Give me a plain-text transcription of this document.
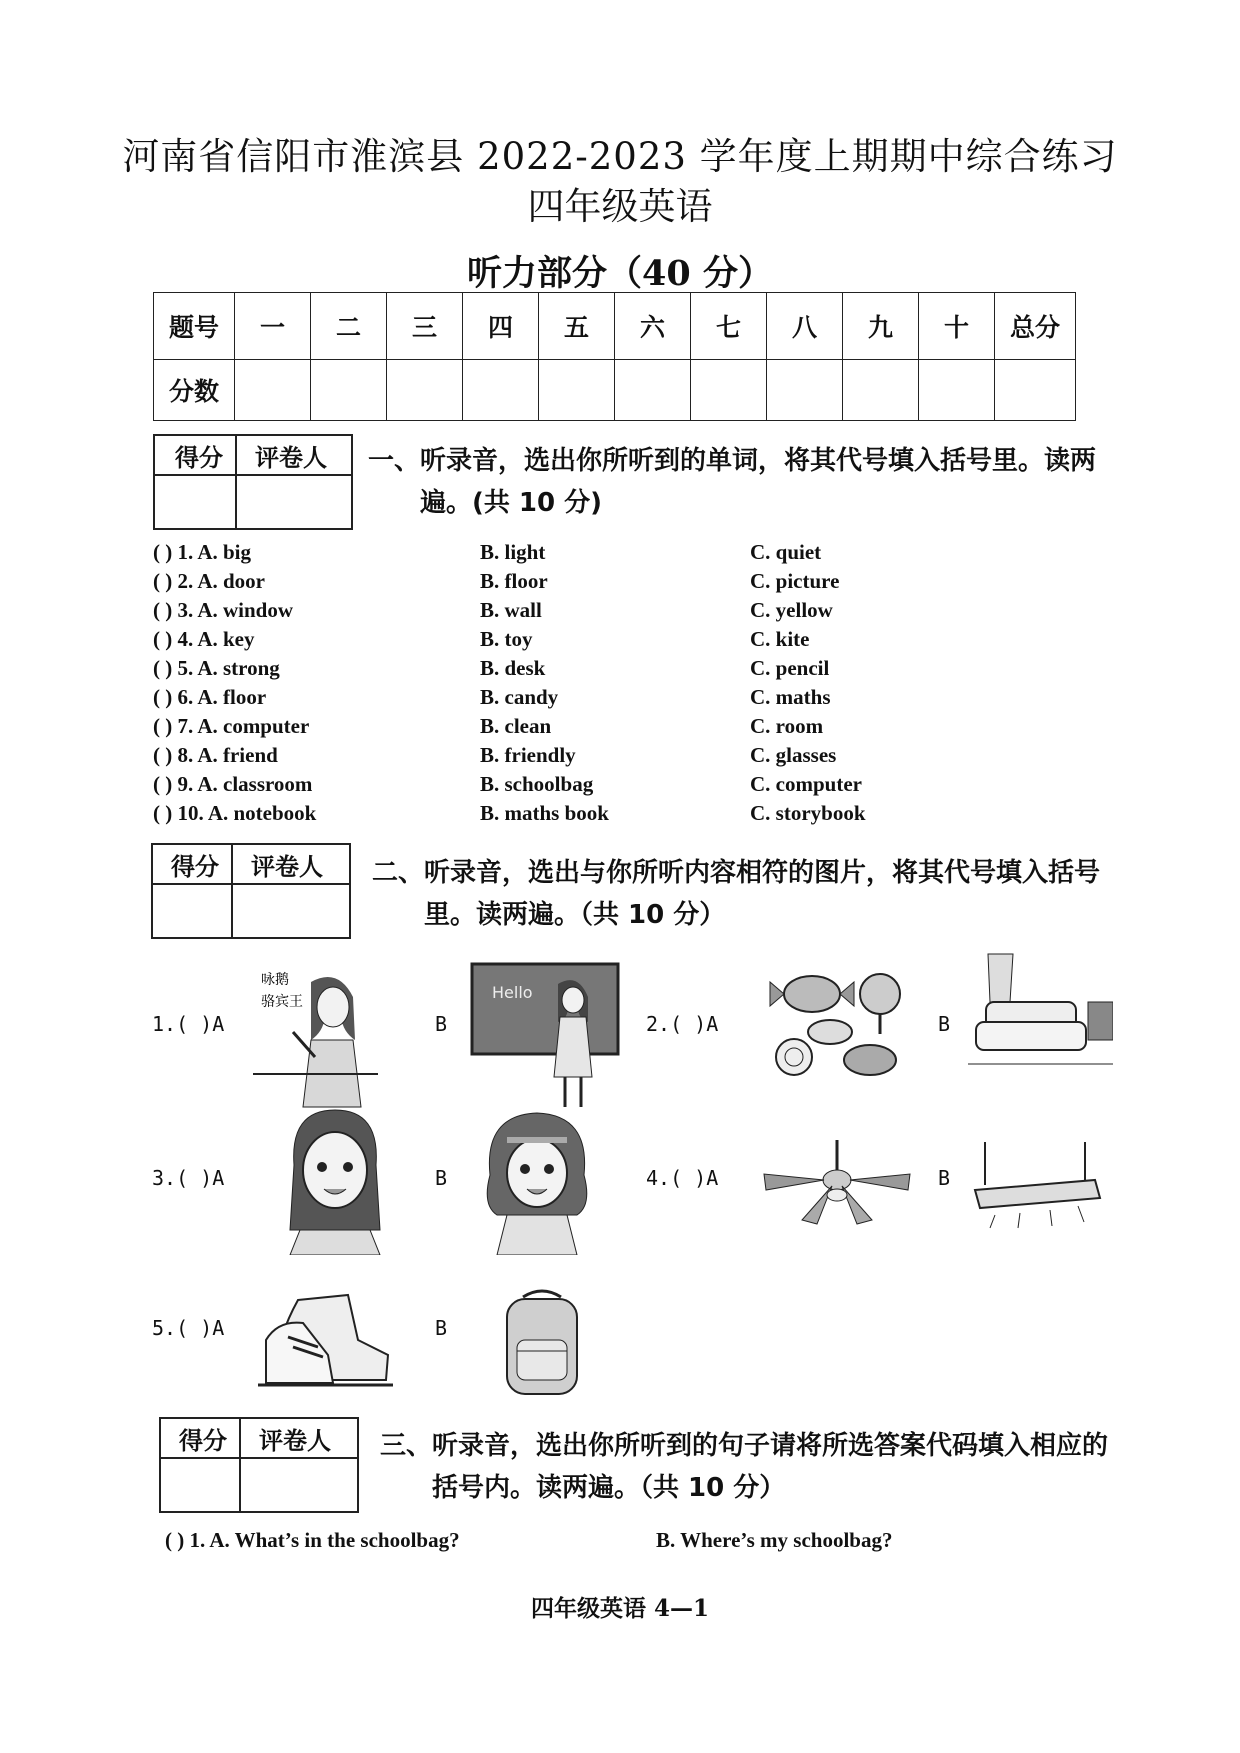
河南省信阳市淮滨县 2022-2023 学年度上期期中综合练习
四年级英语
听力部分（40 分）
题号	一	二	三	四	五	六	七	八	九	十	总分
分数											
得分 评卷人 一、听录音，选出你所听到的单词，将其代号填入括号里。读两
遍。(共 10 分)
( ) 1. A. big	B. light	C. quiet
( ) 2. A. door	B. floor	C. picture
( ) 3. A. window	B. wall	C. yellow
( ) 4. A. key	B. toy	C. kite
( ) 5. A. strong	B. desk	C. pencil
( ) 6. A. floor	B. candy	C. maths
( ) 7. A. computer	B. clean	C. room
( ) 8. A. friend	B. friendly	C. glasses
( ) 9. A. classroom	B. schoolbag	C. computer
( ) 10. A. notebook	B. maths book	C. storybook
得分 评卷人 二、听录音，选出与你所听内容相符的图片，将其代号填入括号
里。读两遍。（共 10 分）
1.( )A
咏鹅
骆宾王
B
Hello
2.( )A	B
3.( )A	B	4.( )A	B
5.( )A	B
得分 评卷人 三、听录音，选出你所听到的句子请将所选答案代码填入相应的
括号内。读两遍。（共 10 分）
( ) 1. A. What’s in the schoolbag?	B. Where’s my schoolbag?
四年级英语 4—1
